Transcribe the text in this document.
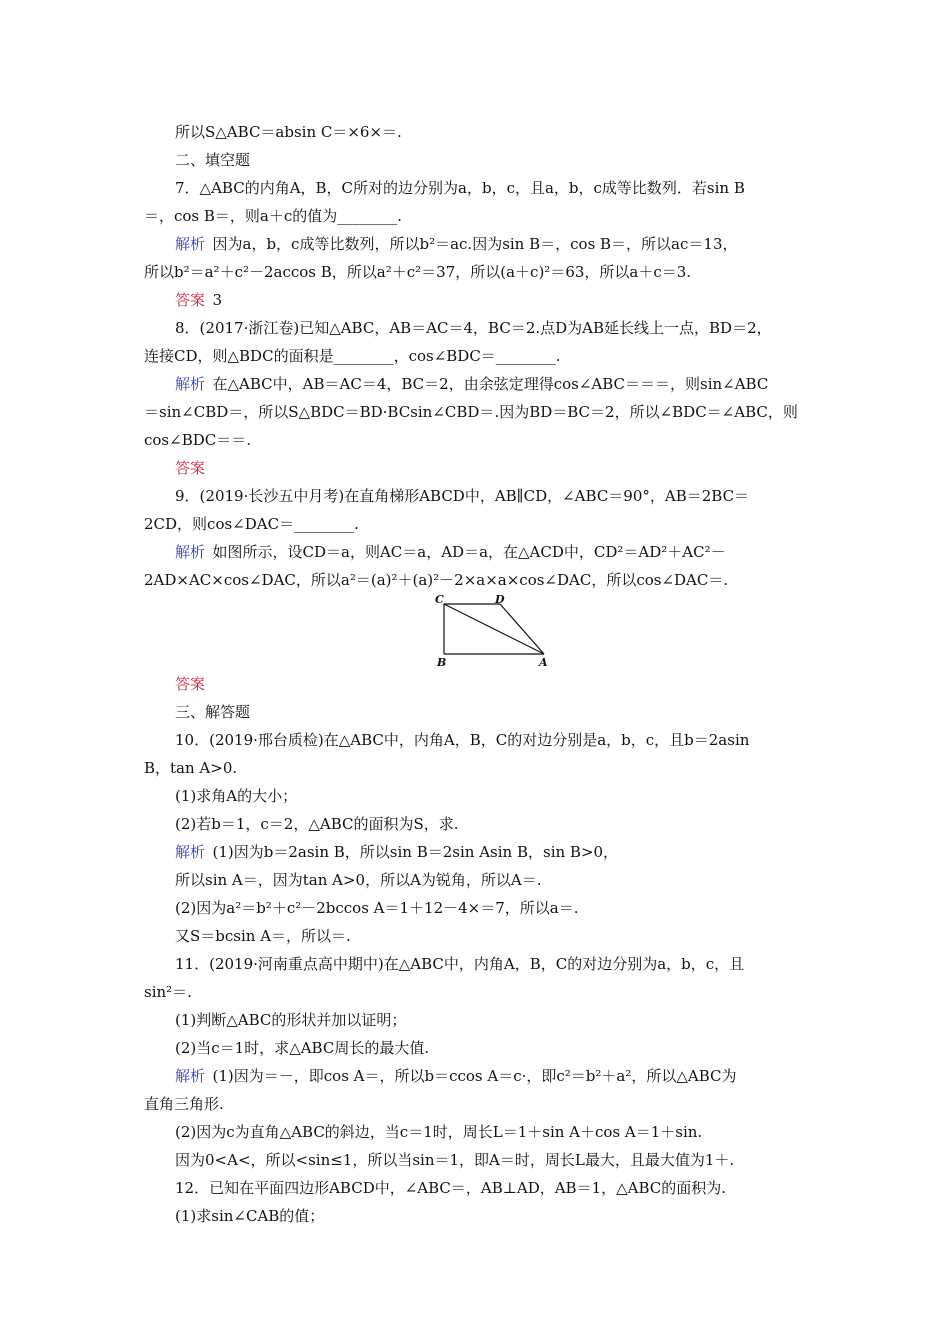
所以S△ABC＝absin C＝×6×＝.
二、填空题
7．△ABC的内角A，B，C所对的边分别为a，b，c，且a，b，c成等比数列．若sin B
＝，cos B＝，则a＋c的值为________.
解析  因为a，b，c成等比数列，所以b²＝ac.因为sin B＝，cos B＝，所以ac＝13，
所以b²＝a²＋c²－2accos B，所以a²＋c²＝37，所以(a＋c)²＝63，所以a＋c＝3.
答案  3
8．(2017·浙江卷)已知△ABC，AB＝AC＝4，BC＝2.点D为AB延长线上一点，BD＝2，
连接CD，则△BDC的面积是________，cos∠BDC＝________.
解析  在△ABC中，AB＝AC＝4，BC＝2，由余弦定理得cos∠ABC＝＝＝，则sin∠ABC
＝sin∠CBD＝，所以S△BDC＝BD·BCsin∠CBD＝.因为BD＝BC＝2，所以∠BDC＝∠ABC，则
cos∠BDC＝＝.
答案 
9．(2019·长沙五中月考)在直角梯形ABCD中，AB∥CD，∠ABC＝90°，AB＝2BC＝
2CD，则cos∠DAC＝________.
解析  如图所示，设CD＝a，则AC＝a，AD＝a，在△ACD中，CD²＝AD²＋AC²－
2AD×AC×cos∠DAC，所以a²＝(a)²＋(a)²－2×a×a×cos∠DAC，所以cos∠DAC＝.
答案 
三、解答题
10．(2019·邢台质检)在△ABC中，内角A，B，C的对边分别是a，b，c，且b＝2asin
B，tan A>0.
(1)求角A的大小；
(2)若b＝1，c＝2，△ABC的面积为S，求.
解析  (1)因为b＝2asin B，所以sin B＝2sin Asin B，sin B>0，
所以sin A＝，因为tan A>0，所以A为锐角，所以A＝.
(2)因为a²＝b²＋c²－2bccos A＝1＋12－4×＝7，所以a＝.
又S＝bcsin A＝，所以＝.
11．(2019·河南重点高中期中)在△ABC中，内角A，B，C的对边分别为a，b，c，且
sin²＝.
(1)判断△ABC的形状并加以证明；
(2)当c＝1时，求△ABC周长的最大值.
解析  (1)因为＝－，即cos A＝，所以b＝ccos A＝c·，即c²＝b²＋a²，所以△ABC为
直角三角形.
(2)因为c为直角△ABC的斜边，当c＝1时，周长L＝1＋sin A＋cos A＝1＋sin.
因为0<A<，所以<sin≤1，所以当sin＝1，即A＝时，周长L最大，且最大值为1＋.
12．已知在平面四边形ABCD中，∠ABC＝，AB⊥AD，AB＝1，△ABC的面积为.
(1)求sin∠CAB的值；
C	D
B	A
